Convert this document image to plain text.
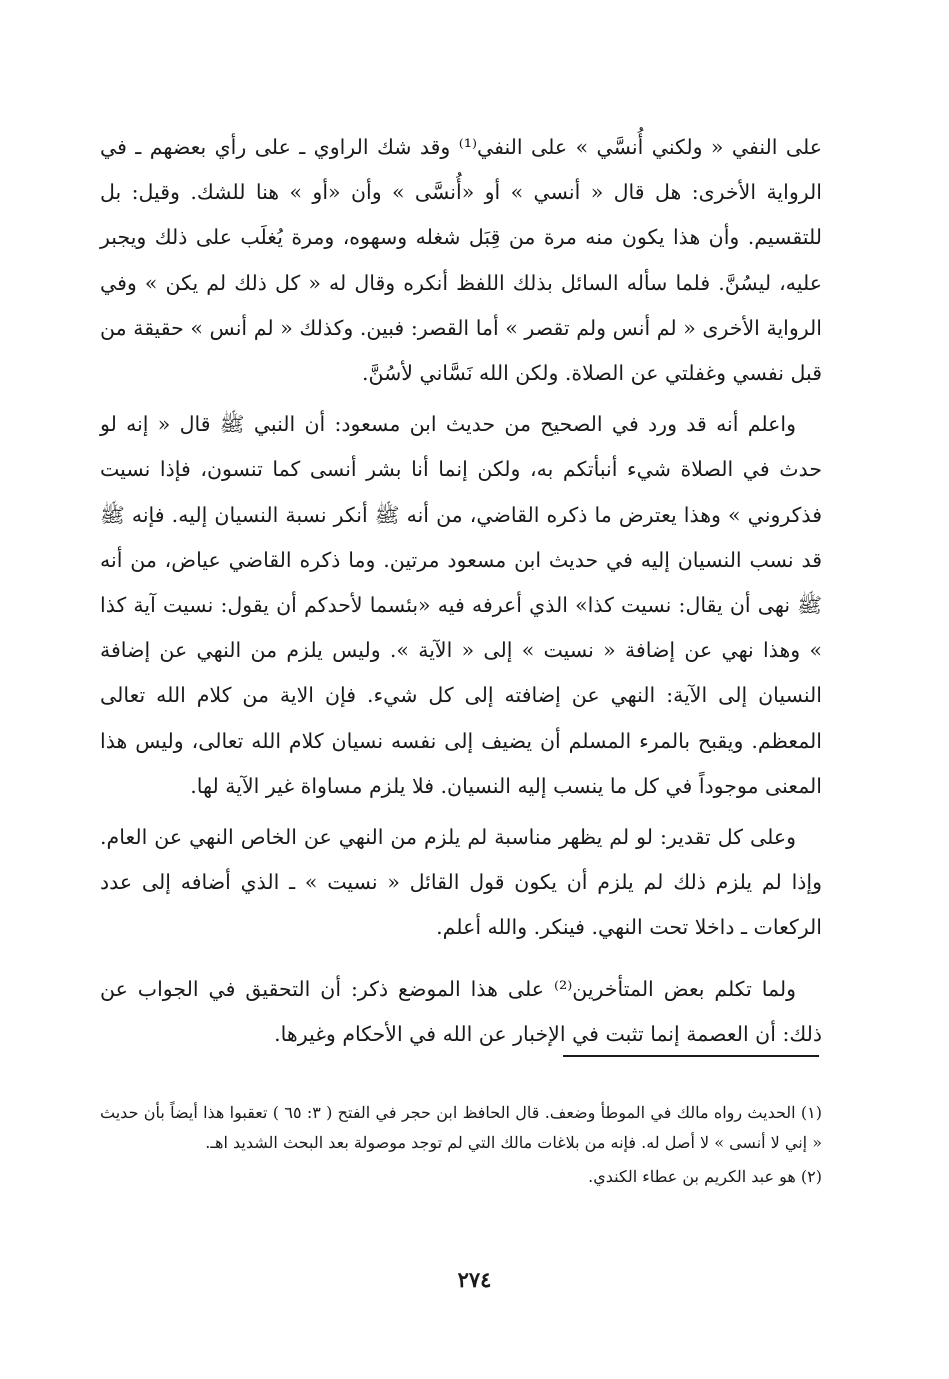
على النفي « ولكني أُنسَّي » على النفي⁽¹⁾ وقد شك الراوي ـ على رأي بعضهم ـ في الرواية الأخرى: هل قال « أنسي » أو «أُنسَّى » وأن «أو » هنا للشك. وقيل: بل للتقسيم. وأن هذا يكون منه مرة من قِبَل شغله وسهوه، ومرة يُغلَب على ذلك ويجبر عليه، ليسُنَّ. فلما سأله السائل بذلك اللفظ أنكره وقال له « كل ذلك لم يكن » وفي الرواية الأخرى « لم أنس ولم تقصر » أما القصر: فبين. وكذلك « لم أنس » حقيقة من قبل نفسي وغفلتي عن الصلاة. ولكن الله نَسَّاني لأسُنَّ.

واعلم أنه قد ورد في الصحيح من حديث ابن مسعود: أن النبي ﷺ قال « إنه لو حدث في الصلاة شيء أنبأتكم به، ولكن إنما أنا بشر أنسى كما تنسون، فإذا نسيت فذكروني » وهذا يعترض ما ذكره القاضي، من أنه ﷺ أنكر نسبة النسيان إليه. فإنه ﷺ قد نسب النسيان إليه في حديث ابن مسعود مرتين. وما ذكره القاضي عياض، من أنه ﷺ نهى أن يقال: نسيت كذا» الذي أعرفه فيه «بئسما لأحدكم أن يقول: نسيت آية كذا » وهذا نهي عن إضافة « نسيت » إلى « الآية ». وليس يلزم من النهي عن إضافة النسيان إلى الآية: النهي عن إضافته إلى كل شيء. فإن الاية من كلام الله تعالى المعظم. ويقبح بالمرء المسلم أن يضيف إلى نفسه نسيان كلام الله تعالى، وليس هذا المعنى موجوداً في كل ما ينسب إليه النسيان. فلا يلزم مساواة غير الآية لها.

وعلى كل تقدير: لو لم يظهر مناسبة لم يلزم من النهي عن الخاص النهي عن العام. وإذا لم يلزم ذلك لم يلزم أن يكون قول القائل « نسيت » ـ الذي أضافه إلى عدد الركعات ـ داخلا تحت النهي. فينكر. والله أعلم.

ولما تكلم بعض المتأخرين⁽²⁾ على هذا الموضع ذكر: أن التحقيق في الجواب عن ذلك: أن العصمة إنما تثبت في الإخبار عن الله في الأحكام وغيرها.

(١) الحديث رواه مالك في الموطأ وضعف. قال الحافظ ابن حجر في الفتح ( ٣: ٦٥ ) تعقبوا هذا أيضاً بأن حديث « إني لا أنسى » لا أصل له. فإنه من بلاغات مالك التي لم توجد موصولة بعد البحث الشديد اهـ.

(٢) هو عبد الكريم بن عطاء الكندي.

٢٧٤
